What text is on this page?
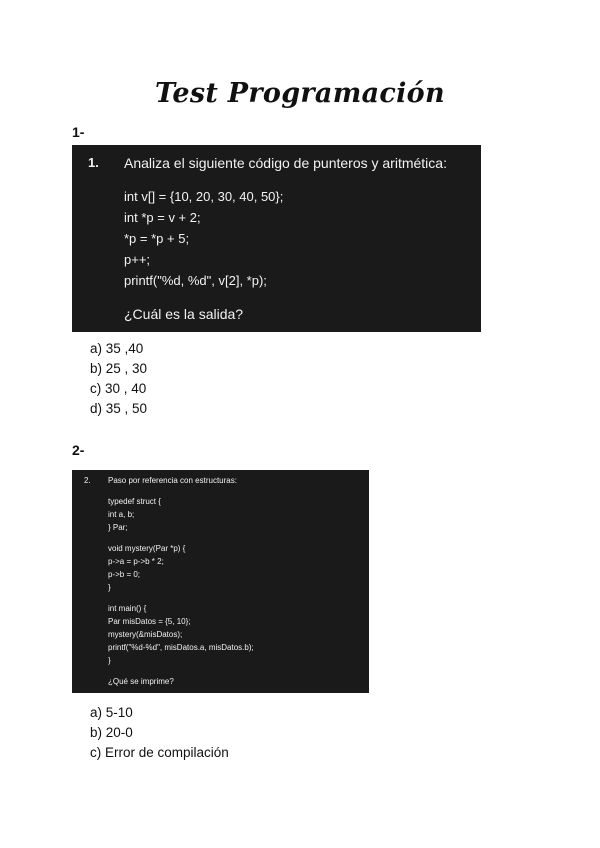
Test Programación
1-
1. Analiza el siguiente código de punteros y aritmética:
int v[] = {10, 20, 30, 40, 50};
int *p = v + 2;
*p = *p + 5;
p++;
printf("%d, %d", v[2], *p);
¿Cuál es la salida?
a) 35 ,40
b) 25 , 30
c) 30 , 40
d) 35 , 50
2-
2. Paso por referencia con estructuras:
typedef struct {
int a, b;
} Par;
void mystery(Par *p) {
p->a = p->b * 2;
p->b = 0;
}
int main() {
Par misDatos = {5, 10};
mystery(&misDatos);
printf("%d-%d", misDatos.a, misDatos.b);
}
¿Qué se imprime?
a) 5-10
b) 20-0
c) Error de compilación
